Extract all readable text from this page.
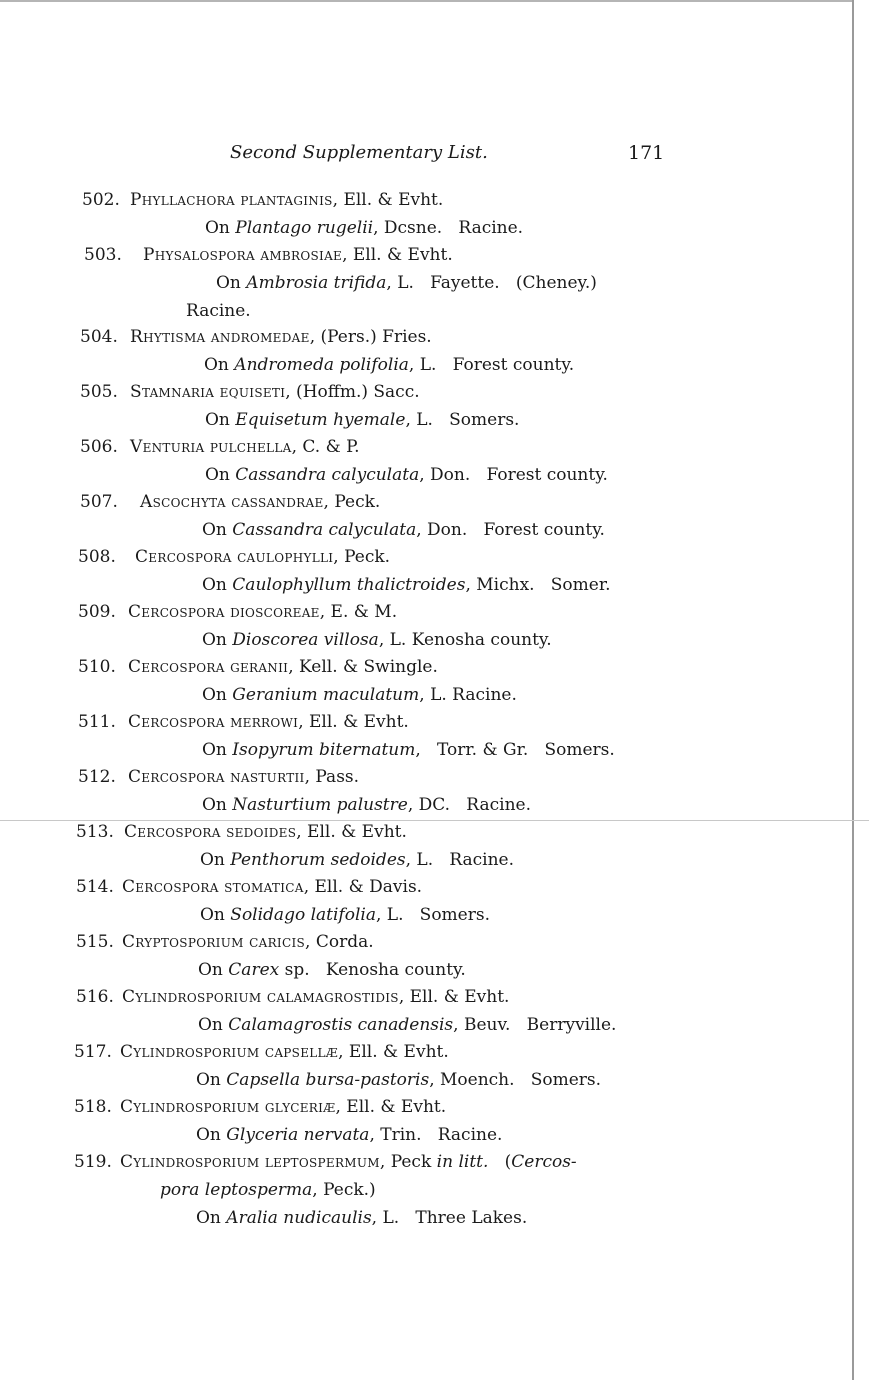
Second Supplementary List.	171
502. Phyllachora plantaginis, Ell. & Evht.
On Plantago rugelii, Dcsne.   Racine.
503. Physalospora ambrosiae, Ell. & Evht.
On Ambrosia trifida, L.   Fayette.   (Cheney.)
Racine.
504. Rhytisma andromedae, (Pers.) Fries.
On Andromeda polifolia, L.   Forest county.
505. Stamnaria equiseti, (Hoffm.) Sacc.
On Equisetum hyemale, L.   Somers.
506. Venturia pulchella, C. & P.
On Cassandra calyculata, Don.   Forest county.
507. Ascochyta cassandrae, Peck.
On Cassandra calyculata, Don.   Forest county.
508. Cercospora caulophylli, Peck.
On Caulophyllum thalictroides, Michx.   Somer.
509. Cercospora dioscoreae, E. & M.
On Dioscorea villosa, L. Kenosha county.
510. Cercospora geranii, Kell. & Swingle.
On Geranium maculatum, L. Racine.
511. Cercospora merrowi, Ell. & Evht.
On Isopyrum biternatum,   Torr. & Gr.   Somers.
512. Cercospora nasturtii, Pass.
On Nasturtium palustre, DC.   Racine.
513. Cercospora sedoides, Ell. & Evht.
On Penthorum sedoides, L.   Racine.
514. Cercospora stomatica, Ell. & Davis.
On Solidago latifolia, L.   Somers.
515. Cryptosporium caricis, Corda.
On Carex sp.   Kenosha county.
516. Cylindrosporium calamagrostidis, Ell. & Evht.
On Calamagrostis canadensis, Beuv.   Berryville.
517. Cylindrosporium capsellæ, Ell. & Evht.
On Capsella bursa-pastoris, Moench.   Somers.
518. Cylindrosporium glyceriæ, Ell. & Evht.
On Glyceria nervata, Trin.   Racine.
519. Cylindrosporium leptospermum, Peck in litt.   (Cercos-
pora leptosperma, Peck.)
On Aralia nudicaulis, L.   Three Lakes.
